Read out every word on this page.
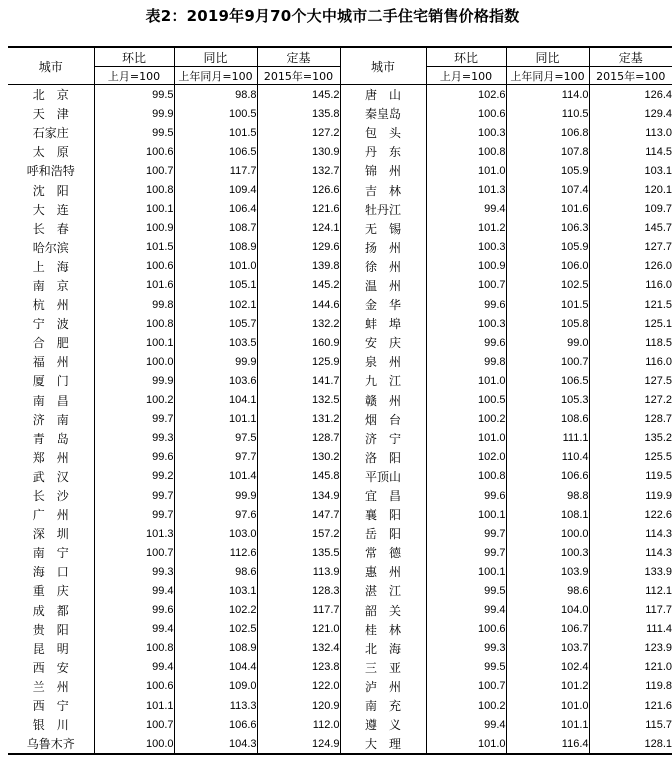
表2：2019年9月70个大中城市二手住宅销售价格指数
城市	环比	同比	定基	城市	环比	同比	定基
	上月=100	上年同月=100	2015年=100		上月=100	上年同月=100	2015年=100
北　京	99.5	98.8	145.2	唐　山	102.6	114.0	126.4
天　津	99.9	100.5	135.8	秦皇岛	100.6	110.5	129.4
石家庄	99.5	101.5	127.2	包　头	100.3	106.8	113.0
太　原	100.6	106.5	130.9	丹　东	100.8	107.8	114.5
呼和浩特	100.7	117.7	132.7	锦　州	101.0	105.9	103.1
沈　阳	100.8	109.4	126.6	吉　林	101.3	107.4	120.1
大　连	100.1	106.4	121.6	牡丹江	99.4	101.6	109.7
长　春	100.9	108.7	124.1	无　锡	101.2	106.3	145.7
哈尔滨	101.5	108.9	129.6	扬　州	100.3	105.9	127.7
上　海	100.6	101.0	139.8	徐　州	100.9	106.0	126.0
南　京	101.6	105.1	145.2	温　州	100.7	102.5	116.0
杭　州	99.8	102.1	144.6	金　华	99.6	101.5	121.5
宁　波	100.8	105.7	132.2	蚌　埠	100.3	105.8	125.1
合　肥	100.1	103.5	160.9	安　庆	99.6	99.0	118.5
福　州	100.0	99.9	125.9	泉　州	99.8	100.7	116.0
厦　门	99.9	103.6	141.7	九　江	101.0	106.5	127.5
南　昌	100.2	104.1	132.5	赣　州	100.5	105.3	127.2
济　南	99.7	101.1	131.2	烟　台	100.2	108.6	128.7
青　岛	99.3	97.5	128.7	济　宁	101.0	111.1	135.2
郑　州	99.6	97.7	130.2	洛　阳	102.0	110.4	125.5
武　汉	99.2	101.4	145.8	平顶山	100.8	106.6	119.5
长　沙	99.7	99.9	134.9	宜　昌	99.6	98.8	119.9
广　州	99.7	97.6	147.7	襄　阳	100.1	108.1	122.6
深　圳	101.3	103.0	157.2	岳　阳	99.7	100.0	114.3
南　宁	100.7	112.6	135.5	常　德	99.7	100.3	114.3
海　口	99.3	98.6	113.9	惠　州	100.1	103.9	133.9
重　庆	99.4	103.1	128.3	湛　江	99.5	98.6	112.1
成　都	99.6	102.2	117.7	韶　关	99.4	104.0	117.7
贵　阳	99.4	102.5	121.0	桂　林	100.6	106.7	111.4
昆　明	100.8	108.9	132.4	北　海	99.3	103.7	123.9
西　安	99.4	104.4	123.8	三　亚	99.5	102.4	121.0
兰　州	100.6	109.0	122.0	泸　州	100.7	101.2	119.8
西　宁	101.1	113.3	120.9	南　充	100.2	101.0	121.6
银　川	100.7	106.6	112.0	遵　义	99.4	101.1	115.7
乌鲁木齐	100.0	104.3	124.9	大　理	101.0	116.4	128.1
